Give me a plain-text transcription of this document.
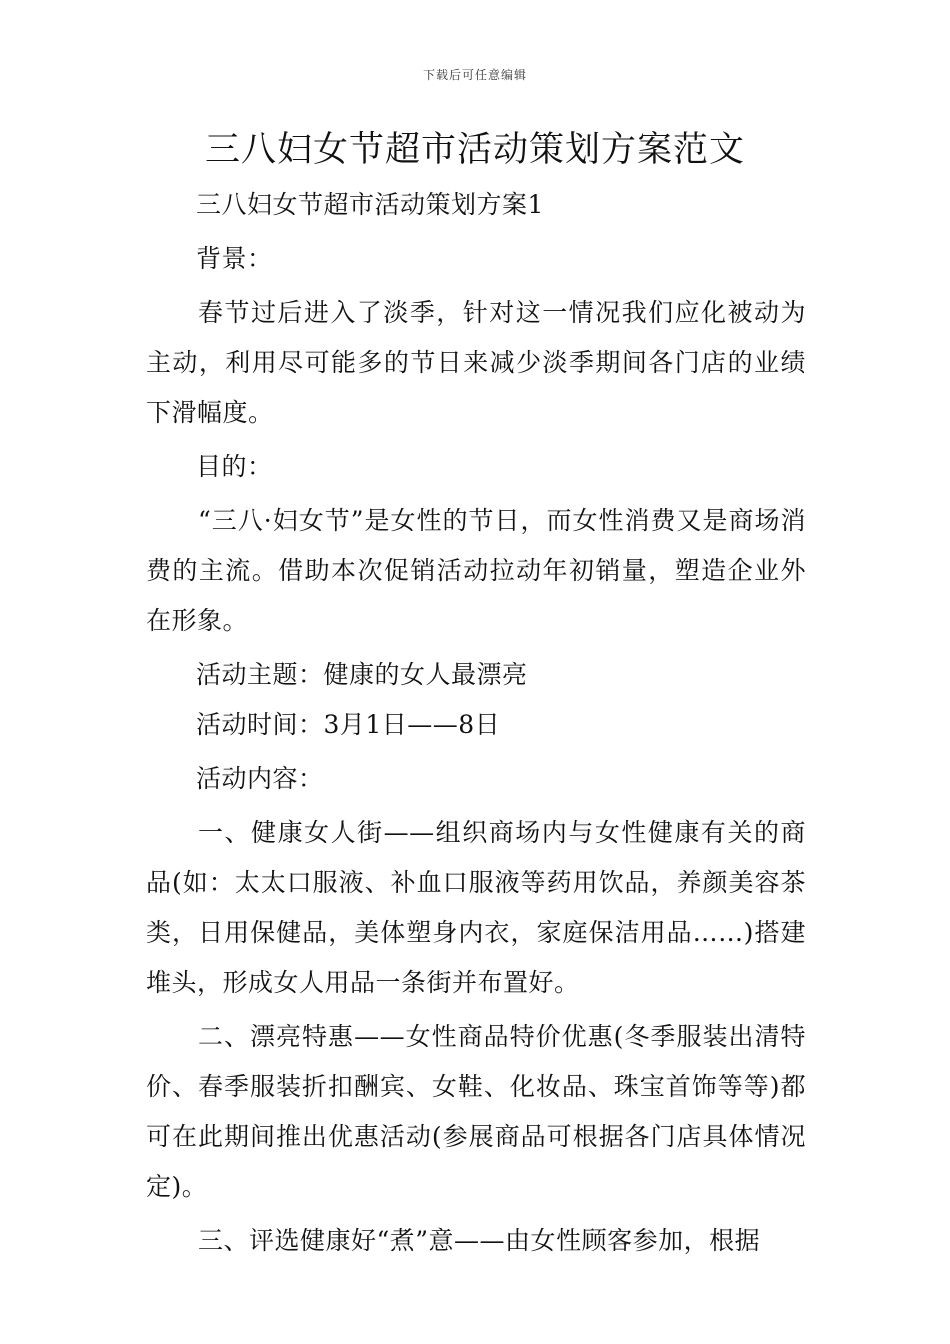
下载后可任意编辑
三八妇女节超市活动策划方案范文

三八妇女节超市活动策划方案1

背景：

春节过后进入了淡季，针对这一情况我们应化被动为主动，利用尽可能多的节日来减少淡季期间各门店的业绩下滑幅度。

目的：

“三八·妇女节”是女性的节日，而女性消费又是商场消费的主流。借助本次促销活动拉动年初销量，塑造企业外在形象。

活动主题：健康的女人最漂亮

活动时间：3月1日——8日

活动内容：

一、健康女人街——组织商场内与女性健康有关的商品(如：太太口服液、补血口服液等药用饮品，养颜美容茶类，日用保健品，美体塑身内衣，家庭保洁用品……)搭建堆头，形成女人用品一条街并布置好。

二、漂亮特惠——女性商品特价优惠(冬季服装出清特价、春季服装折扣酬宾、女鞋、化妆品、珠宝首饰等等)都可在此期间推出优惠活动(参展商品可根据各门店具体情况定)。

三、评选健康好“煮”意——由女性顾客参加，根据
